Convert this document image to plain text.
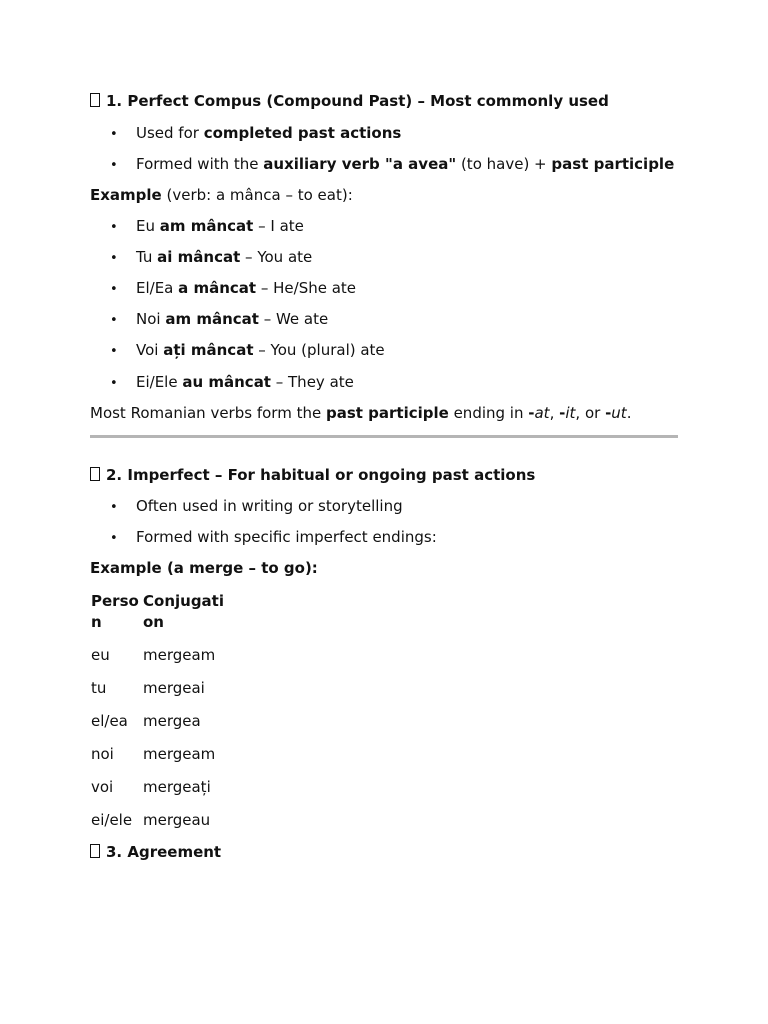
1. Perfect Compus (Compound Past) – Most commonly used
• Used for completed past actions
• Formed with the auxiliary verb "a avea" (to have) + past participle
Example (verb: a mânca – to eat):
• Eu am mâncat – I ate
• Tu ai mâncat – You ate
• El/Ea a mâncat – He/She ate
• Noi am mâncat – We ate
• Voi ați mâncat – You (plural) ate
• Ei/Ele au mâncat – They ate
Most Romanian verbs form the past participle ending in -at, -it, or -ut.
2. Imperfect – For habitual or ongoing past actions
• Often used in writing or storytelling
• Formed with specific imperfect endings:
Example (a merge – to go):
Perso
n
Conjugati
on
eu mergeam
tu mergeai
el/ea mergea
noi mergeam
voi mergeați
ei/ele mergeau
3. Agreement
